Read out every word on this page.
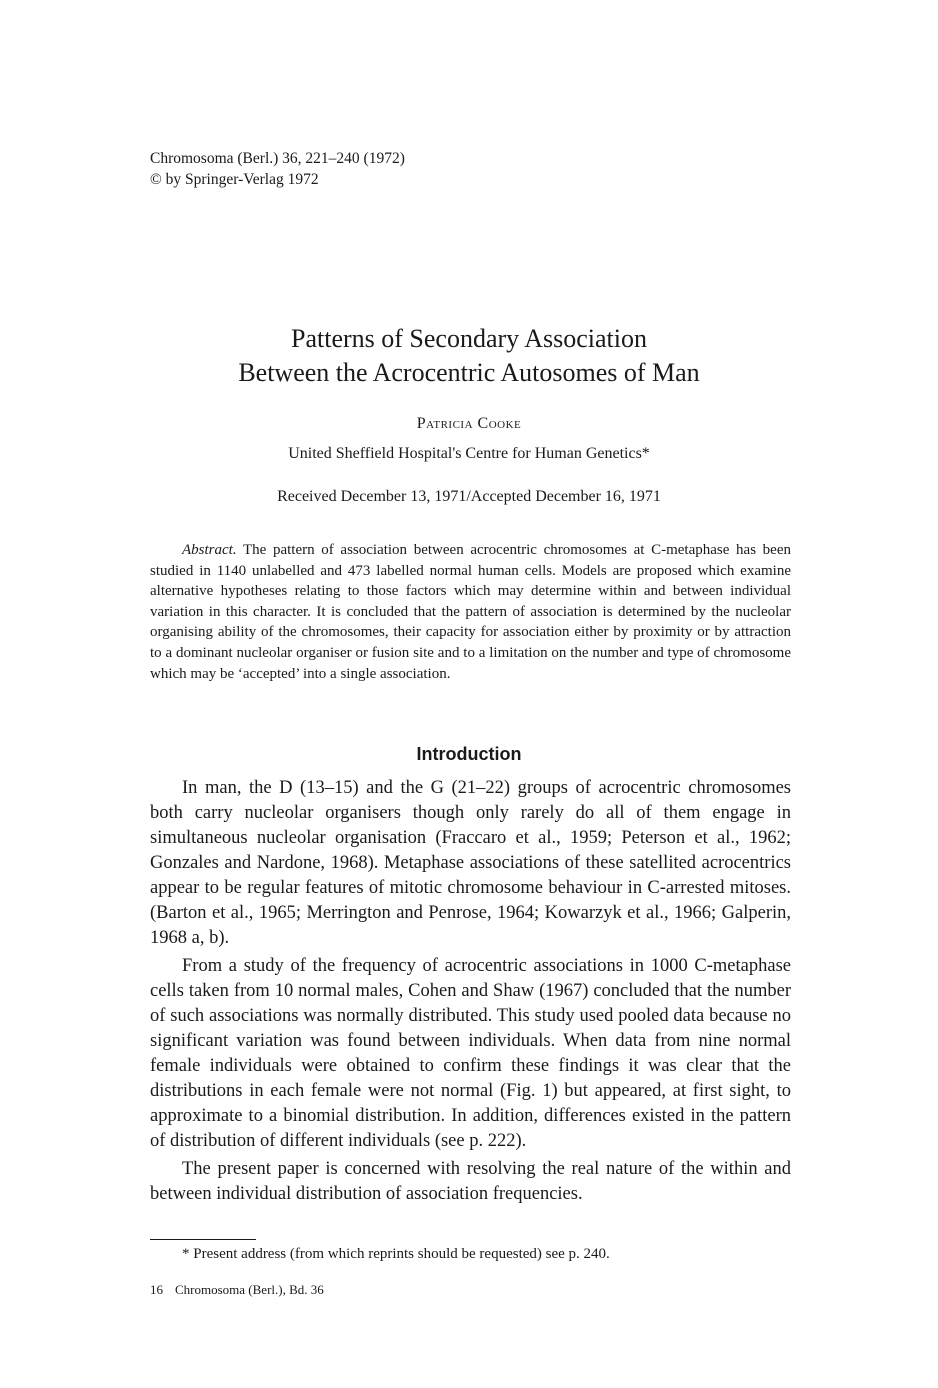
Chromosoma (Berl.) 36, 221–240 (1972)
© by Springer-Verlag 1972
Patterns of Secondary Association
Between the Acrocentric Autosomes of Man
Patricia Cooke
United Sheffield Hospital's Centre for Human Genetics*
Received December 13, 1971/Accepted December 16, 1971

Abstract. The pattern of association between acrocentric chromosomes at C-metaphase has been studied in 1140 unlabelled and 473 labelled normal human cells. Models are proposed which examine alternative hypotheses relating to those factors which may determine within and between individual variation in this character. It is concluded that the pattern of association is determined by the nucleolar organising ability of the chromosomes, their capacity for association either by proximity or by attraction to a dominant nucleolar organiser or fusion site and to a limitation on the number and type of chromosome which may be ‘accepted’ into a single association.

Introduction

In man, the D (13–15) and the G (21–22) groups of acrocentric chromosomes both carry nucleolar organisers though only rarely do all of them engage in simultaneous nucleolar organisation (Fraccaro et al., 1959; Peterson et al., 1962; Gonzales and Nardone, 1968). Metaphase associations of these satellited acrocentrics appear to be regular features of mitotic chromosome behaviour in C-arrested mitoses. (Barton et al., 1965; Merrington and Penrose, 1964; Kowarzyk et al., 1966; Galperin, 1968 a, b).

From a study of the frequency of acrocentric associations in 1000 C-metaphase cells taken from 10 normal males, Cohen and Shaw (1967) concluded that the number of such associations was normally distributed. This study used pooled data because no significant variation was found between individuals. When data from nine normal female individuals were obtained to confirm these findings it was clear that the distributions in each female were not normal (Fig. 1) but appeared, at first sight, to approximate to a binomial distribution. In addition, differences existed in the pattern of distribution of different individuals (see p. 222).

The present paper is concerned with resolving the real nature of the within and between individual distribution of association frequencies.

* Present address (from which reprints should be requested) see p. 240.
16 Chromosoma (Berl.), Bd. 36
